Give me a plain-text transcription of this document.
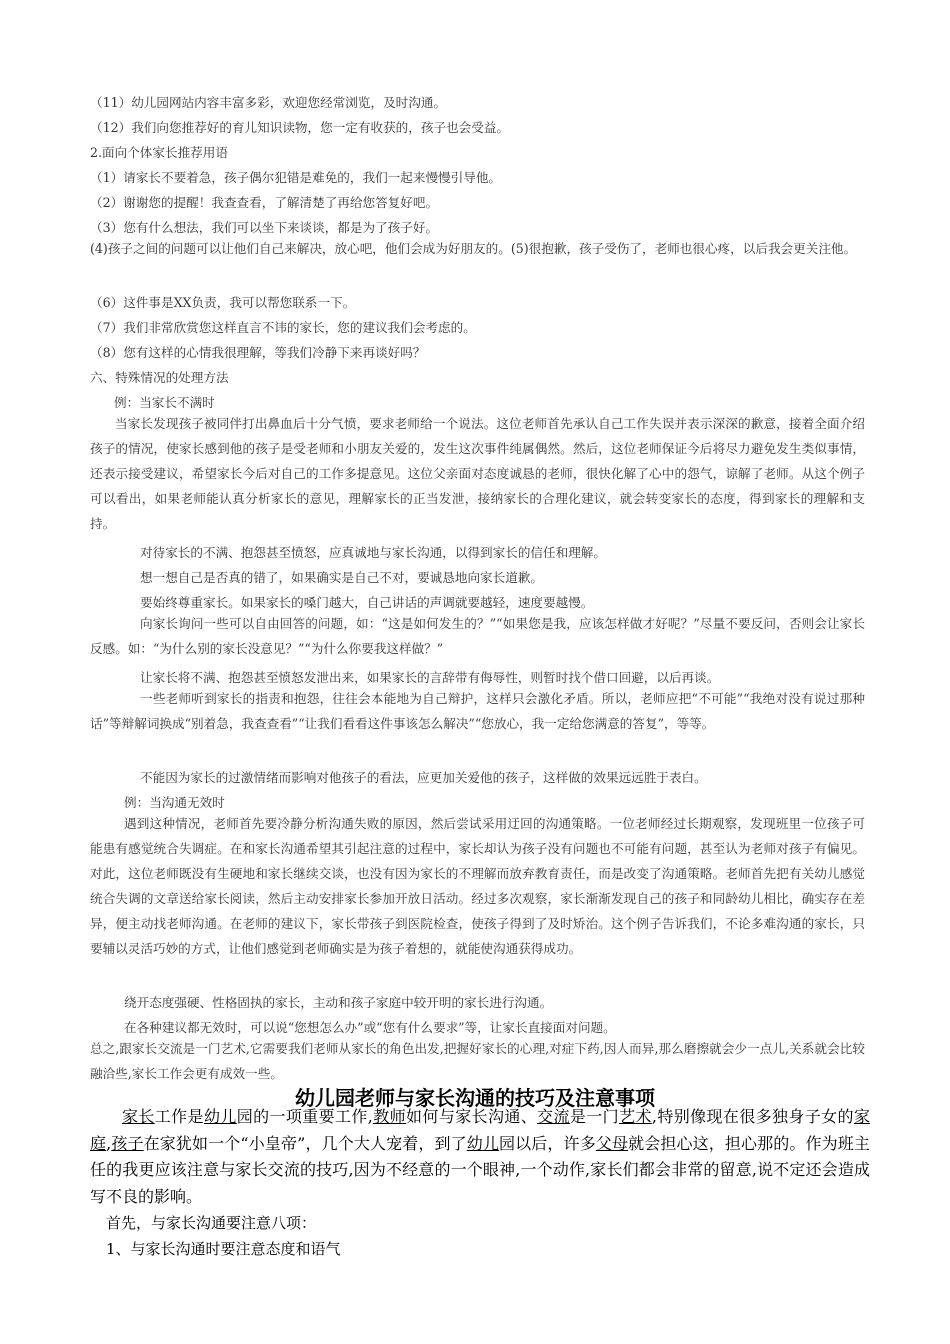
（11）幼儿园网站内容丰富多彩，欢迎您经常浏览，及时沟通。

（12）我们向您推荐好的育儿知识读物，您一定有收获的，孩子也会受益。

2.面向个体家长推荐用语

（1）请家长不要着急，孩子偶尔犯错是难免的，我们一起来慢慢引导他。

（2）谢谢您的提醒！我查查看，了解清楚了再给您答复好吧。

（3）您有什么想法，我们可以坐下来谈谈，都是为了孩子好。

(4)孩子之间的问题可以让他们自己来解决，放心吧，他们会成为好朋友的。(5)很抱歉，孩子受伤了，老师也很心疼，以后我会更关注他。

（6）这件事是XX负责，我可以帮您联系一下。

（7）我们非常欣赏您这样直言不讳的家长，您的建议我们会考虑的。

（8）您有这样的心情我很理解，等我们冷静下来再谈好吗？

六、特殊情况的处理方法

例：当家长不满时

当家长发现孩子被同伴打出鼻血后十分气愤，要求老师给一个说法。这位老师首先承认自己工作失误并表示深深的歉意，接着全面介绍孩子的情况，使家长感到他的孩子是受老师和小朋友关爱的，发生这次事件纯属偶然。然后，这位老师保证今后将尽力避免发生类似事情，还表示接受建议，希望家长今后对自己的工作多提意见。这位父亲面对态度诚恳的老师，很快化解了心中的怨气，谅解了老师。从这个例子可以看出，如果老师能认真分析家长的意见，理解家长的正当发泄，接纳家长的合理化建议，就会转变家长的态度，得到家长的理解和支持。

对待家长的不满、抱怨甚至愤怒，应真诚地与家长沟通，以得到家长的信任和理解。

想一想自己是否真的错了，如果确实是自己不对，要诚恳地向家长道歉。

要始终尊重家长。如果家长的嗓门越大，自己讲话的声调就要越轻，速度要越慢。

向家长询问一些可以自由回答的问题，如：“这是如何发生的？”“如果您是我，应该怎样做才好呢？”尽量不要反问，否则会让家长反感。如：“为什么别的家长没意见？”“为什么你要我这样做？”

让家长将不满、抱怨甚至愤怒发泄出来，如果家长的言辞带有侮辱性，则暂时找个借口回避，以后再谈。

一些老师听到家长的指责和抱怨，往往会本能地为自己辩护，这样只会激化矛盾。所以，老师应把“不可能”“我绝对没有说过那种话”等辩解词换成“别着急，我查查看”“让我们看看这件事该怎么解决”“您放心，我一定给您满意的答复”，等等。

不能因为家长的过激情绪而影响对他孩子的看法，应更加关爱他的孩子，这样做的效果远远胜于表白。

例：当沟通无效时

遇到这种情况，老师首先要冷静分析沟通失败的原因，然后尝试采用迂回的沟通策略。一位老师经过长期观察，发现班里一位孩子可能患有感觉统合失调症。在和家长沟通希望其引起注意的过程中，家长却认为孩子没有问题也不可能有问题，甚至认为老师对孩子有偏见。对此，这位老师既没有生硬地和家长继续交谈，也没有因为家长的不理解而放弃教育责任，而是改变了沟通策略。老师首先把有关幼儿感觉统合失调的文章送给家长阅读，然后主动安排家长参加开放日活动。经过多次观察，家长渐渐发现自己的孩子和同龄幼儿相比，确实存在差异，便主动找老师沟通。在老师的建议下，家长带孩子到医院检查，使孩子得到了及时矫治。这个例子告诉我们，不论多难沟通的家长，只要辅以灵活巧妙的方式，让他们感觉到老师确实是为孩子着想的，就能使沟通获得成功。

绕开态度强硬、性格固执的家长，主动和孩子家庭中较开明的家长进行沟通。

在各种建议都无效时，可以说“您想怎么办”或“您有什么要求”等，让家长直接面对问题。

总之,跟家长交流是一门艺术,它需要我们老师从家长的角色出发,把握好家长的心理,对症下药,因人而异,那么磨擦就会少一点儿,关系就会比较融洽些,家长工作会更有成效一些。

幼儿园老师与家长沟通的技巧及注意事项

家长工作是幼儿园的一项重要工作,教师如何与家长沟通、交流是一门艺术,特别像现在很多独身子女的家庭,孩子在家犹如一个“小皇帝”，几个大人宠着，到了幼儿园以后，许多父母就会担心这，担心那的。作为班主任的我更应该注意与家长交流的技巧,因为不经意的一个眼神,一个动作,家长们都会非常的留意,说不定还会造成写不良的影响。

首先，与家长沟通要注意八项：

1、与家长沟通时要注意态度和语气
